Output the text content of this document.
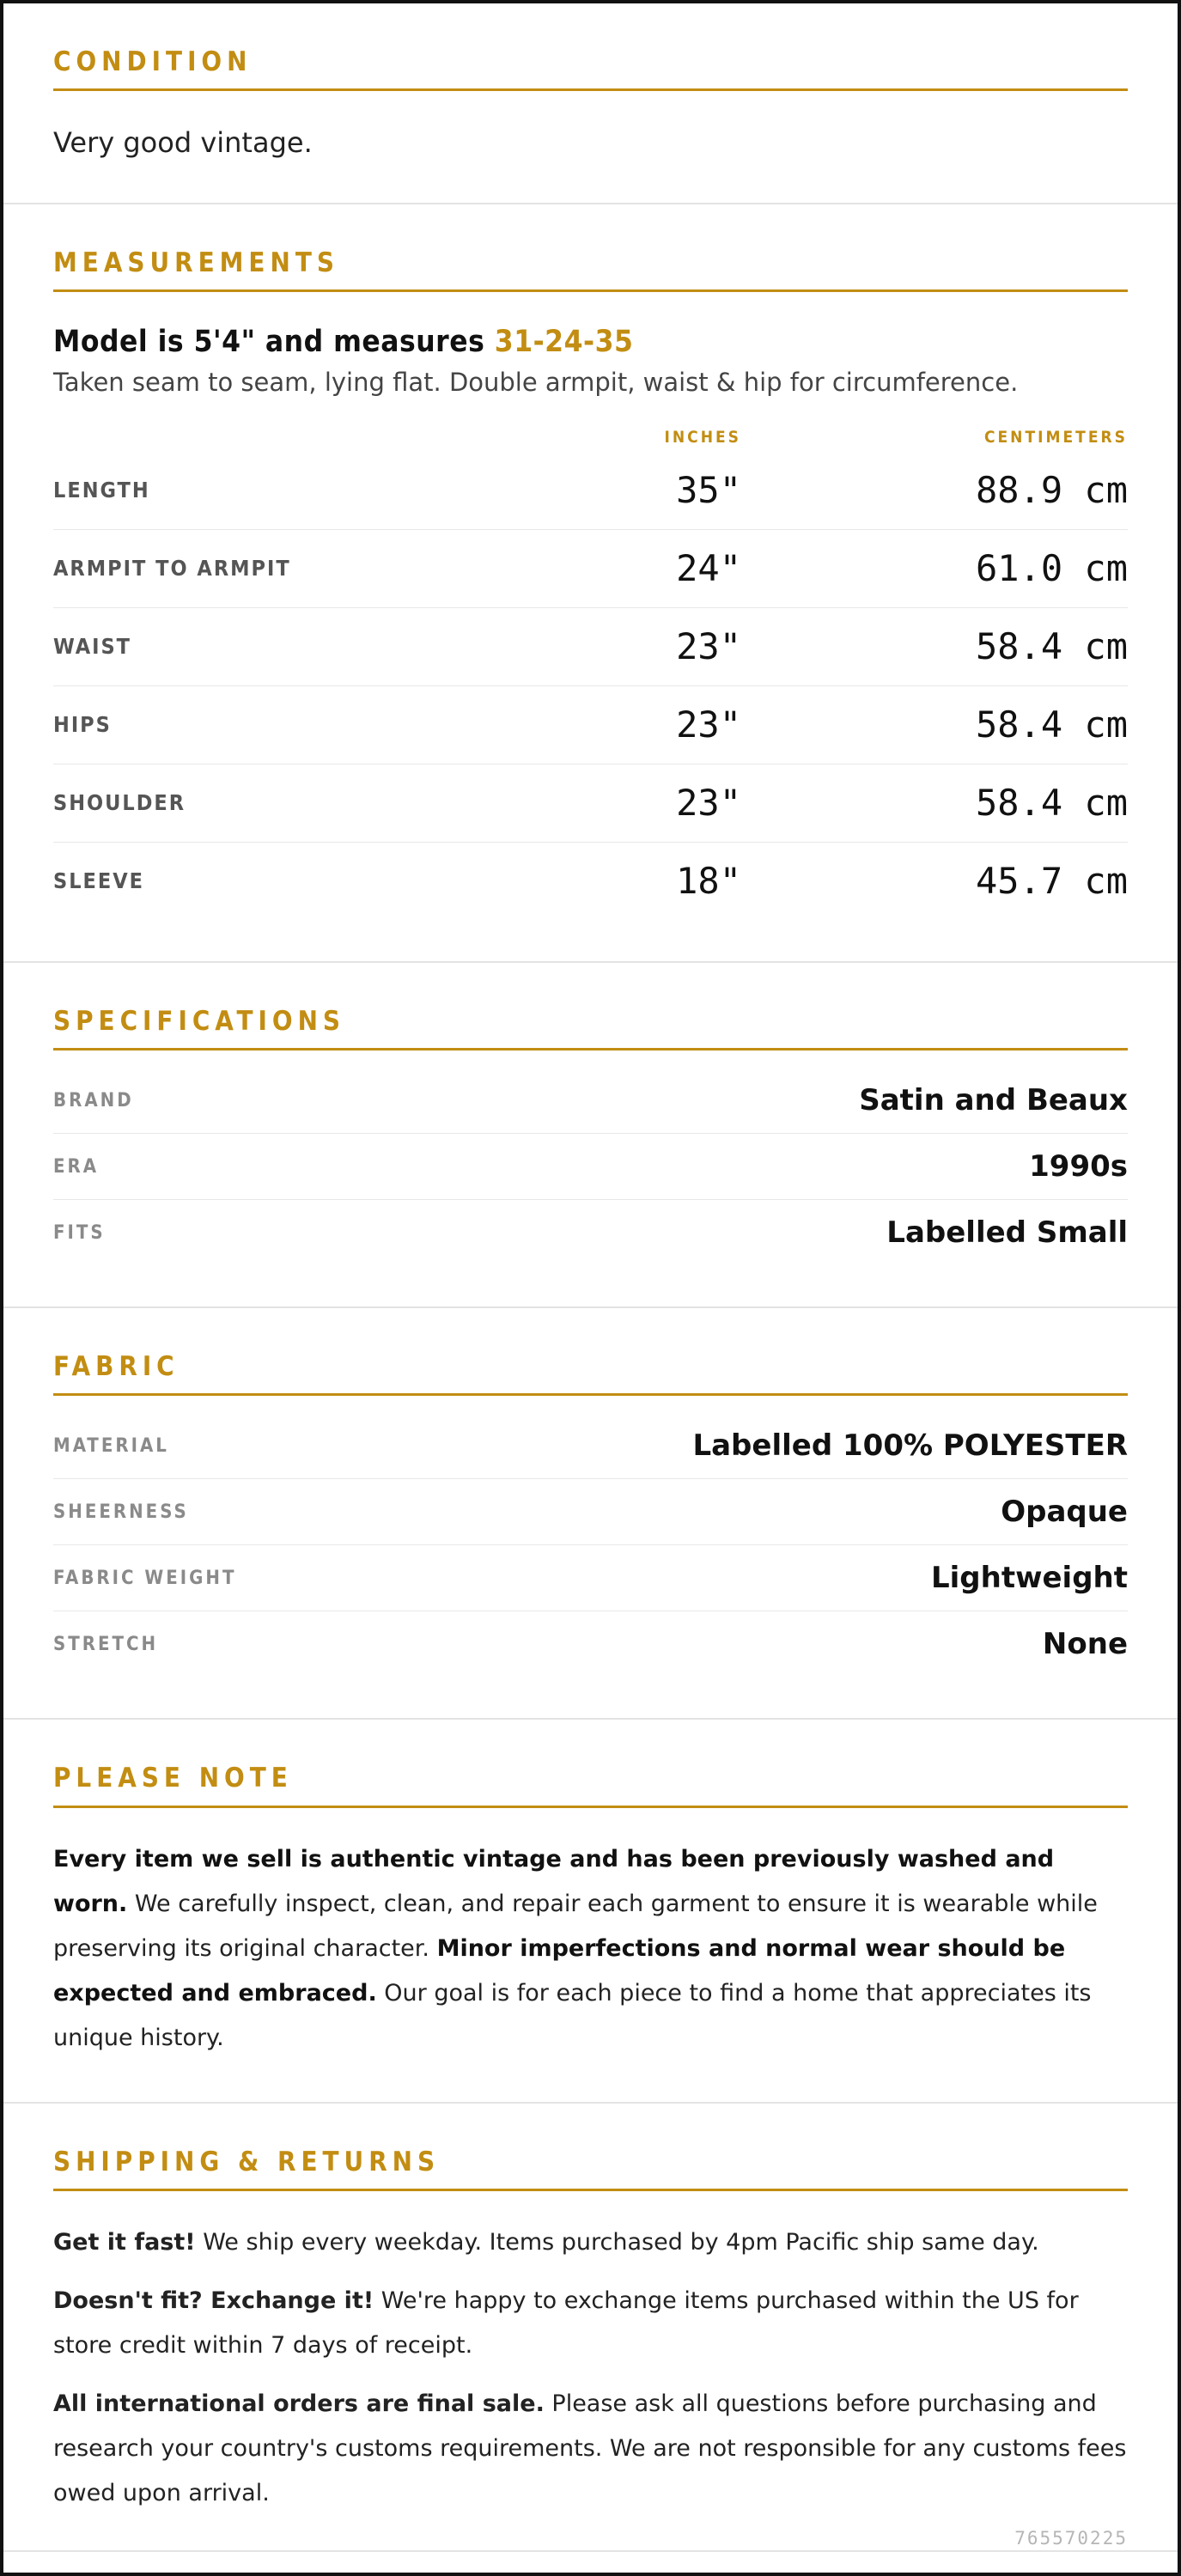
CONDITION
Very good vintage.
MEASUREMENTS
Model is 5'4" and measures 31-24-35
Taken seam to seam, lying flat. Double armpit, waist & hip for circumference.
INCHES	CENTIMETERS
LENGTH	35"	88.9 cm
ARMPIT TO ARMPIT	24"	61.0 cm
WAIST	23"	58.4 cm
HIPS	23"	58.4 cm
SHOULDER	23"	58.4 cm
SLEEVE	18"	45.7 cm
SPECIFICATIONS
BRAND	Satin and Beaux
ERA	1990s
FITS	Labelled Small
FABRIC
MATERIAL	Labelled 100% POLYESTER
SHEERNESS	Opaque
FABRIC WEIGHT	Lightweight
STRETCH	None
PLEASE NOTE
Every item we sell is authentic vintage and has been previously washed and worn. We carefully inspect, clean, and repair each garment to ensure it is wearable while preserving its original character. Minor imperfections and normal wear should be expected and embraced. Our goal is for each piece to find a home that appreciates its unique history.
SHIPPING & RETURNS

Get it fast! We ship every weekday. Items purchased by 4pm Pacific ship same day.

Doesn't fit? Exchange it! We're happy to exchange items purchased within the US for store credit within 7 days of receipt.

All international orders are final sale. Please ask all questions before purchasing and research your country's customs requirements. We are not responsible for any customs fees owed upon arrival.

765570225
